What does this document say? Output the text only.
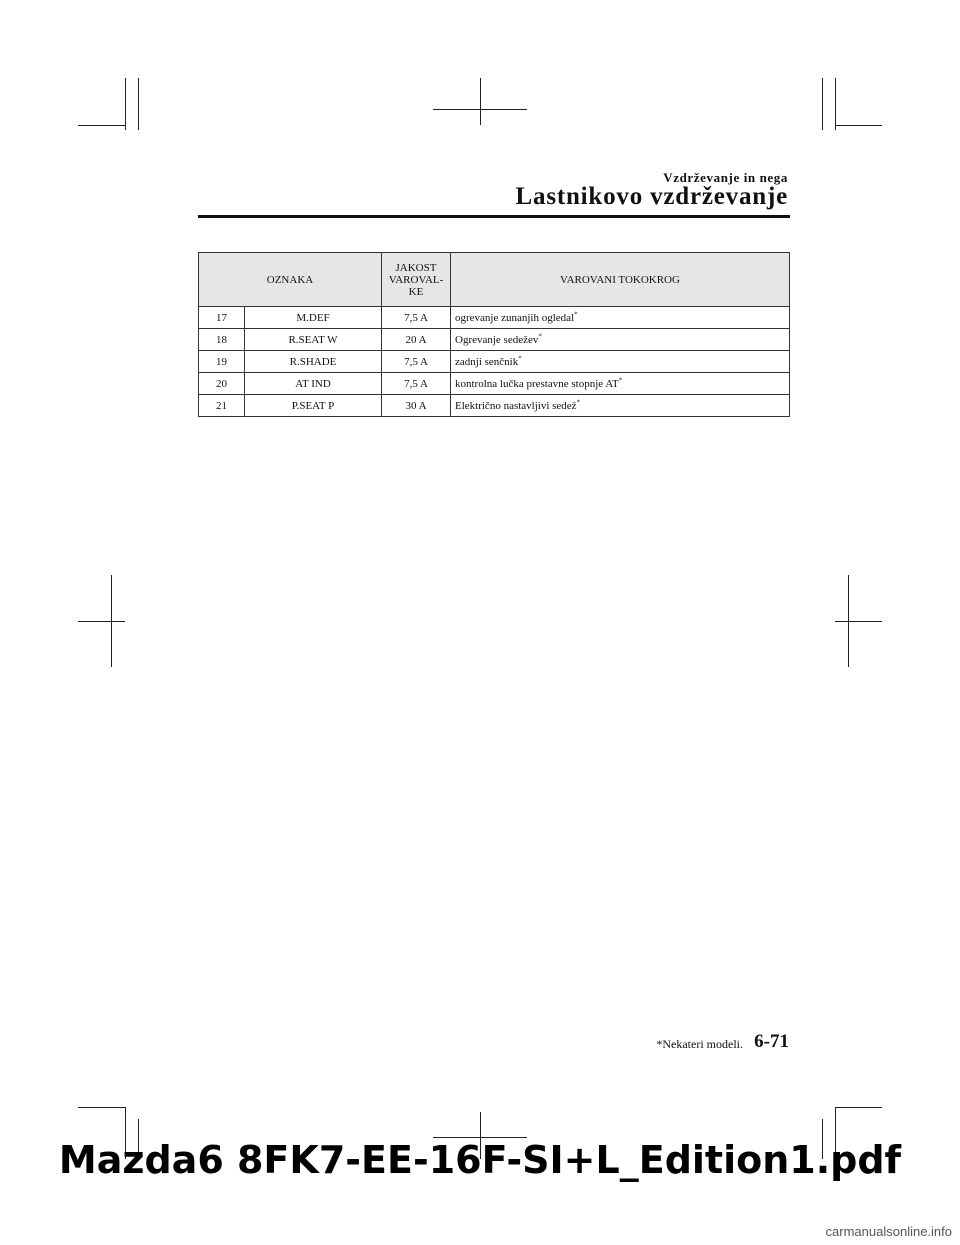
Vzdrževanje in nega
Lastnikovo vzdrževanje
OZNAKA		JAKOST
VAROVAL-
KE	VAROVANI TOKOKROG
17	M.DEF	7,5 A	ogrevanje zunanjih ogledal*
18	R.SEAT W	20 A	Ogrevanje sedežev*
19	R.SHADE	7,5 A	zadnji senčnik*
20	AT IND	7,5 A	kontrolna lučka prestavne stopnje AT*
21	P.SEAT P	30 A	Električno nastavljivi sedež*
*Nekateri modeli. 6-71
Mazda6 8FK7-EE-16F-SI+L_Edition1.pdf
carmanualsonline.info
